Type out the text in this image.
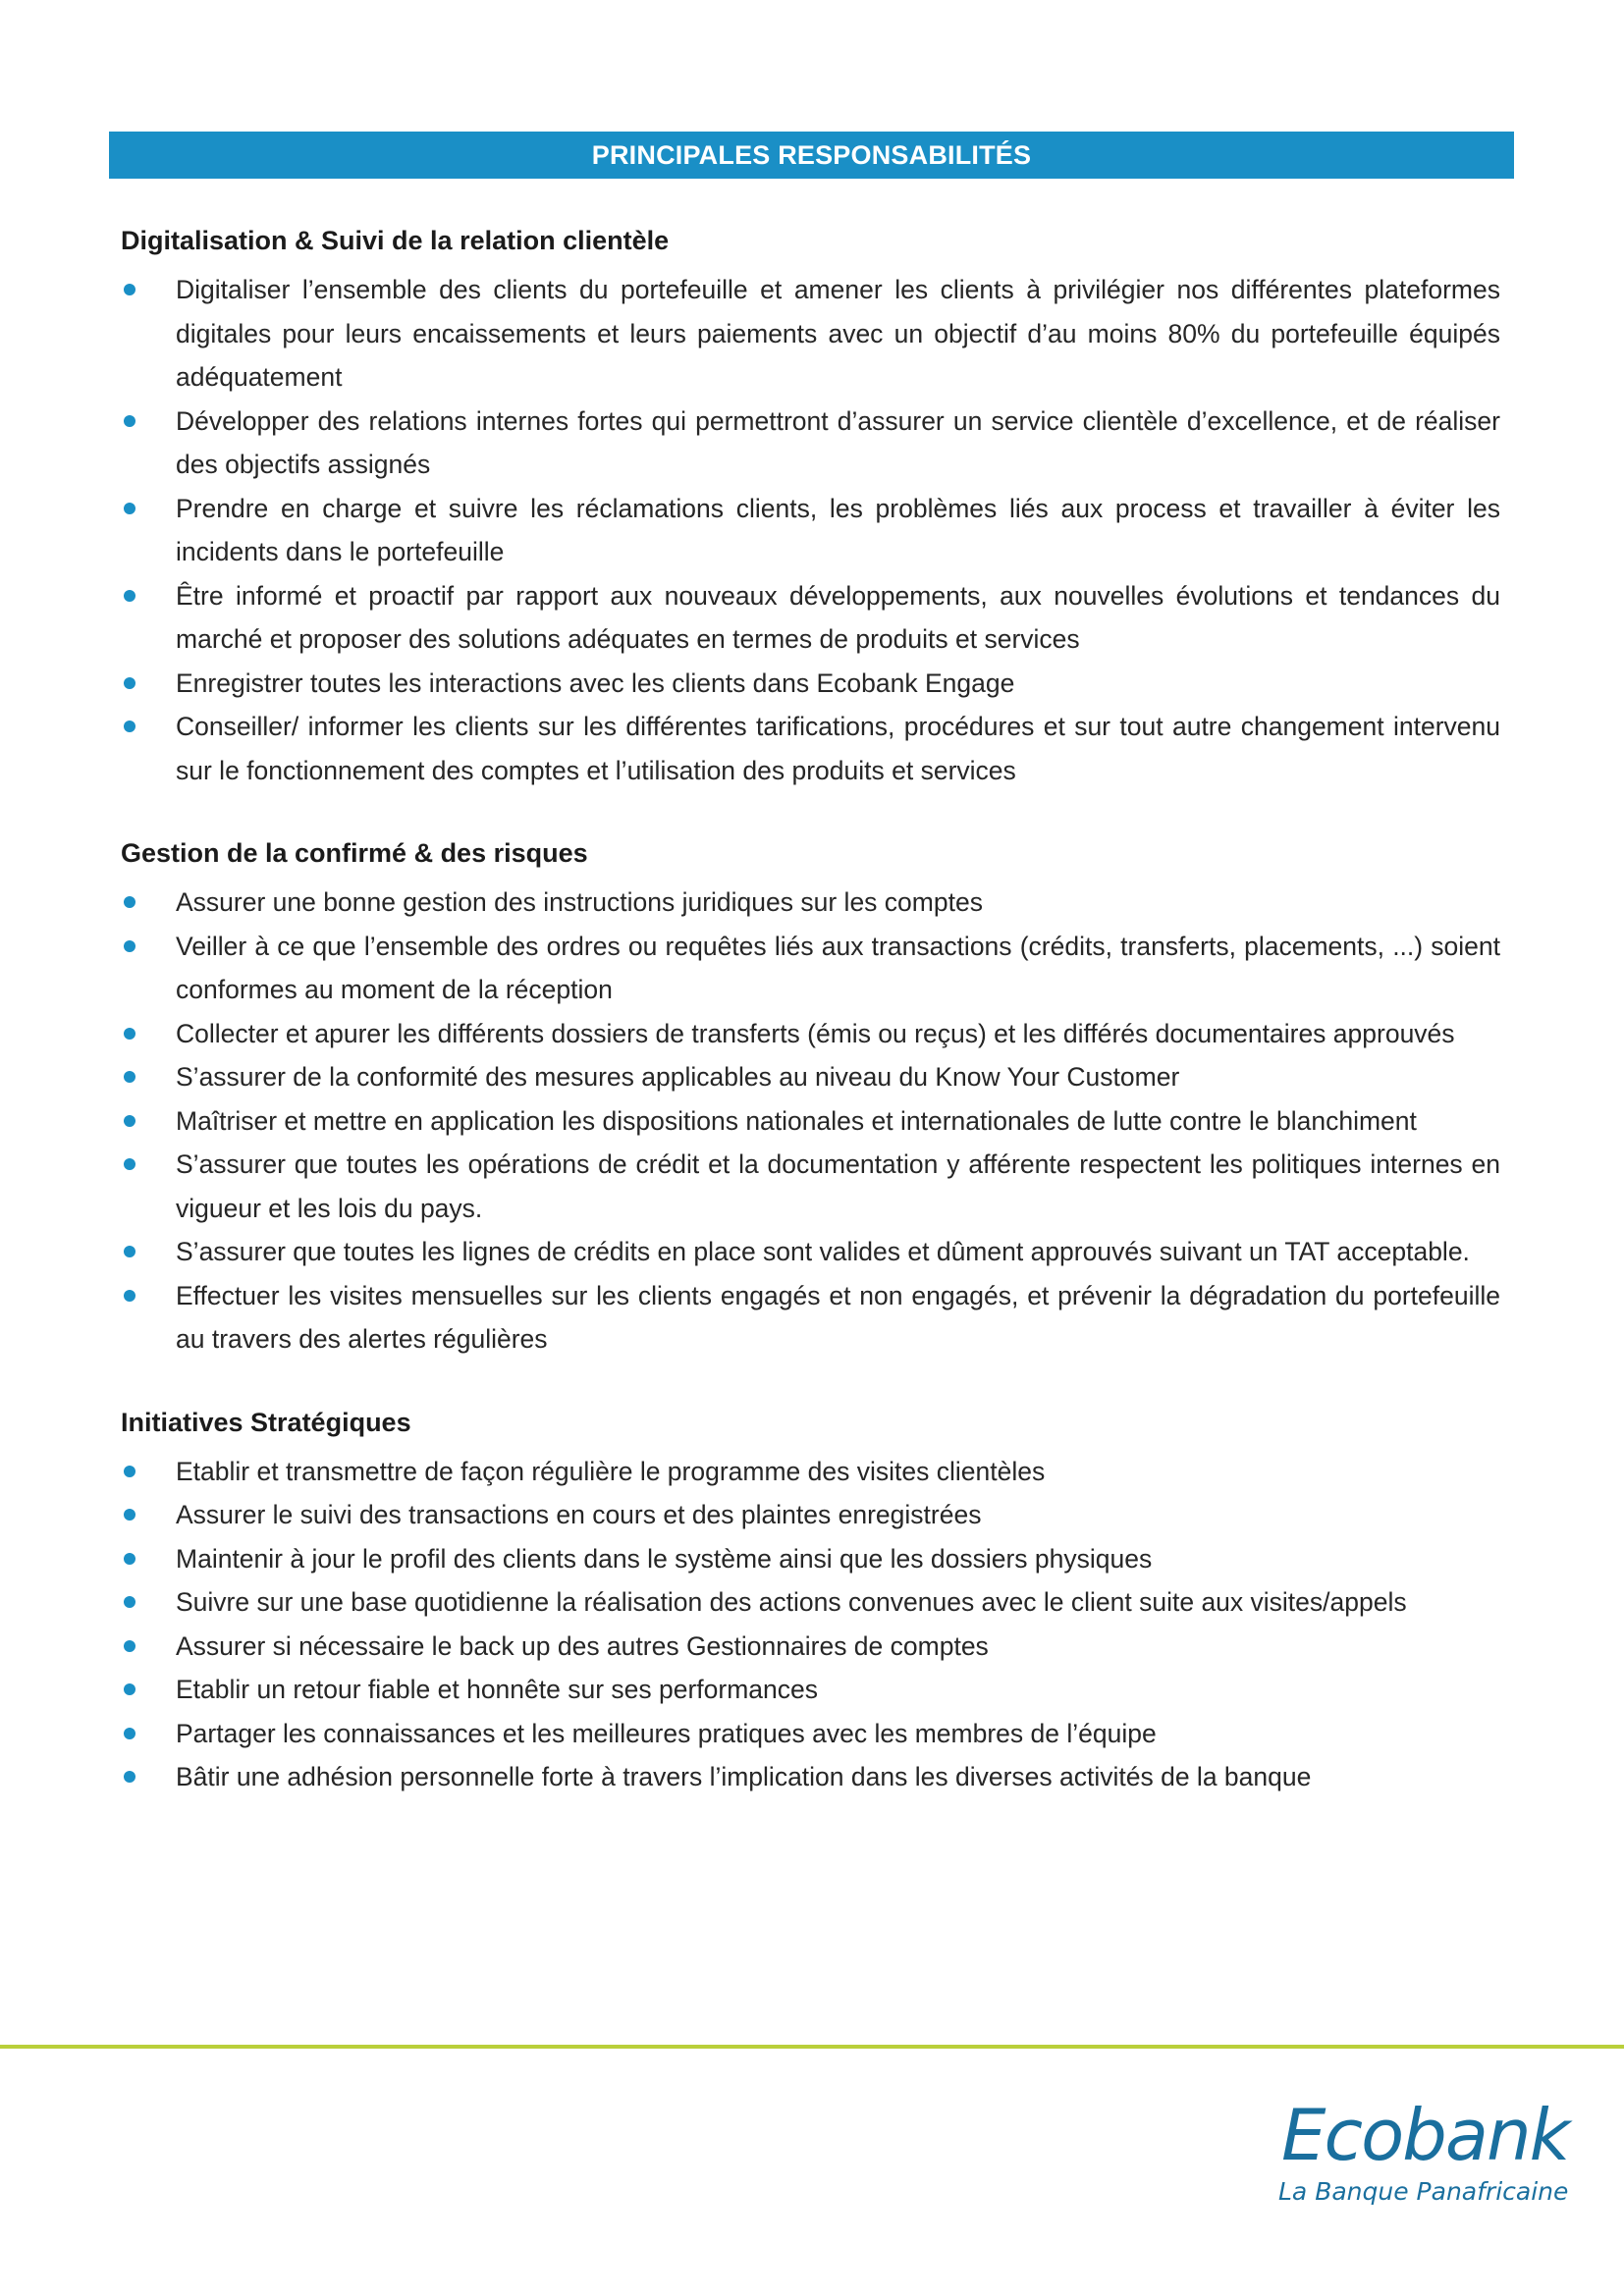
PRINCIPALES RESPONSABILITÉS
Digitalisation & Suivi de la relation clientèle
Digitaliser l’ensemble des clients du portefeuille et amener les clients à privilégier nos différentes plateformes digitales pour leurs encaissements et leurs paiements avec un objectif d’au moins 80% du portefeuille équipés adéquatement
Développer des relations internes fortes qui permettront d’assurer un service clientèle d’excellence, et de réaliser des objectifs assignés
Prendre en charge et suivre les réclamations clients, les problèmes liés aux process et travailler à éviter les incidents dans le portefeuille
Être informé et proactif par rapport aux nouveaux développements, aux nouvelles évolutions et tendances du marché et proposer des solutions adéquates en termes de produits et services
Enregistrer toutes les interactions avec les clients dans Ecobank Engage
Conseiller/ informer les clients sur les différentes tarifications, procédures et sur tout autre changement intervenu sur le fonctionnement des comptes et l’utilisation des produits et services
Gestion de la confirmé & des risques
Assurer une bonne gestion des instructions juridiques sur les comptes
Veiller à ce que l’ensemble des ordres ou requêtes liés aux transactions (crédits, transferts, placements, ...) soient conformes au moment de la réception
Collecter et apurer les différents dossiers de transferts (émis ou reçus) et les différés documentaires approuvés
S’assurer de la conformité des mesures applicables au niveau du Know Your Customer
Maîtriser et mettre en application les dispositions nationales et internationales de lutte contre le blanchiment
S’assurer que toutes les opérations de crédit et la documentation y afférente respectent les politiques internes en vigueur et les lois du pays.
S’assurer que toutes les lignes de crédits en place sont valides et dûment approuvés suivant un TAT acceptable.
Effectuer les visites mensuelles sur les clients engagés et non engagés, et prévenir la dégradation du portefeuille au travers des alertes régulières
Initiatives Stratégiques
Etablir et transmettre de façon régulière le programme des visites clientèles
Assurer le suivi des transactions en cours et des plaintes enregistrées
Maintenir à jour le profil des clients dans le système ainsi que les dossiers physiques
Suivre sur une base quotidienne la réalisation des actions convenues avec le client suite aux visites/appels
Assurer si nécessaire le back up des autres Gestionnaires de comptes
Etablir un retour fiable et honnête sur ses performances
Partager les connaissances et les meilleures pratiques avec les membres de l’équipe
Bâtir une adhésion personnelle forte à travers l’implication dans les diverses activités de la banque
Ecobank
La Banque Panafricaine
